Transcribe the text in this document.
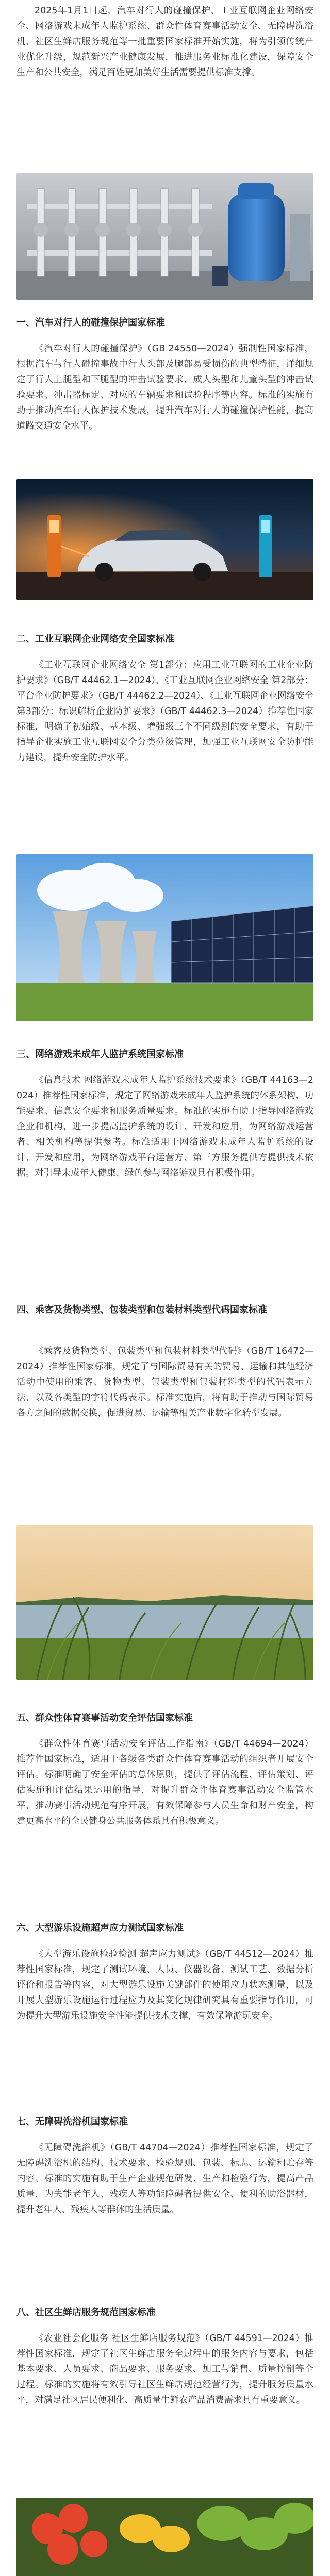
2025年1月1日起，汽车对行人的碰撞保护、工业互联网企业网络安全、网络游戏未成年人监护系统、群众性体育赛事活动安全、无障碍洗浴机、社区生鲜店服务规范等一批重要国家标准开始实施，将为引领传统产业优化升级，规范新兴产业健康发展，推进服务业标准化建设，保障安全生产和公共安全，满足百姓更加美好生活需要提供标准支撑。

一、汽车对行人的碰撞保护国家标准

《汽车对行人的碰撞保护》（GB 24550—2024）强制性国家标准，根据汽车与行人碰撞事故中行人头部及腿部易受损伤的典型特征，详细规定了行人上腿型和下腿型的冲击试验要求、成人头型和儿童头型的冲击试验要求、冲击器标定、对应的车辆要求和试验程序等内容。标准的实施有助于推动汽车行人保护技术发展，提升汽车对行人的碰撞保护性能，提高道路交通安全水平。

二、工业互联网企业网络安全国家标准

《工业互联网企业网络安全 第1部分：应用工业互联网的工业企业防护要求》（GB/T 44462.1—2024）、《工业互联网企业网络安全 第2部分：平台企业防护要求》（GB/T 44462.2—2024）、《工业互联网企业网络安全 第3部分：标识解析企业防护要求》（GB/T 44462.3—2024）推荐性国家标准，明确了初始级、基本级、增强级三个不同级别的安全要求，有助于指导企业实施工业互联网安全分类分级管理，加强工业互联网安全防护能力建设，提升安全防护水平。

三、网络游戏未成年人监护系统国家标准

《信息技术 网络游戏未成年人监护系统技术要求》（GB/T 44163—2024）推荐性国家标准，规定了网络游戏未成年人监护系统的体系架构、功能要求、信息安全要求和服务质量要求。标准的实施有助于指导网络游戏企业和机构，进一步提高监护系统的设计、开发和应用，为网络游戏运营者、相关机构等提供参考。标准适用于网络游戏未成年人监护系统的设计、开发和应用，为网络游戏平台运营方、第三方服务提供方提供技术依据。对引导未成年人健康、绿色参与网络游戏具有积极作用。

四、乘客及货物类型、包装类型和包装材料类型代码国家标准

《乘客及货物类型、包装类型和包装材料类型代码》（GB/T 16472—2024）推荐性国家标准，规定了与国际贸易有关的贸易、运输和其他经济活动中使用的乘客、货物类型、包装类型和包装材料类型的代码表示方法，以及各类型的字符代码表示。标准实施后，将有助于推动与国际贸易各方之间的数据交换，促进贸易、运输等相关产业数字化转型发展。

五、群众性体育赛事活动安全评估国家标准

《群众性体育赛事活动安全评估工作指南》（GB/T 44694—2024）推荐性国家标准，适用于各级各类群众性体育赛事活动的组织者开展安全评估。标准明确了安全评估的总体原则，提供了评估流程、评估策划、评估实施和评估结果运用的指导，对提升群众性体育赛事活动安全监管水平，推动赛事活动规范有序开展，有效保障参与人员生命和财产安全，构建更高水平的全民健身公共服务体系具有积极意义。

六、大型游乐设施超声应力测试国家标准

《大型游乐设施检验检测 超声应力测试》（GB/T 44512—2024）推荐性国家标准，规定了测试环境、人员、仪器设备、测试工艺、数据分析评价和报告等内容，对大型游乐设施关键部件的使用应力状态测量，以及开展大型游乐设施运行过程应力及其变化规律研究具有重要指导作用，可为提升大型游乐设施安全性能提供技术支撑，有效保障游玩安全。

七、无障碍洗浴机国家标准

《无障碍洗浴机》（GB/T 44704—2024）推荐性国家标准，规定了无障碍洗浴机的结构、技术要求、检验规则、包装、标志、运输和贮存等内容。标准的实施有助于生产企业规范研发、生产和检验行为，提高产品质量，为失能老年人、残疾人等功能障碍者提供安全、便利的助浴器材，提升老年人、残疾人等群体的生活质量。

八、社区生鲜店服务规范国家标准

《农业社会化服务 社区生鲜店服务规范》（GB/T 44591—2024）推荐性国家标准，规定了社区生鲜店服务全过程中的服务内容与要求，包括基本要求、人员要求、商品要求、服务要求、加工与销售、质量控制等全过程。标准的实施将有效引导社区生鲜店规范经营行为，提升服务质量水平，对满足社区居民便利化、高质量生鲜农产品消费需求具有重要意义。
